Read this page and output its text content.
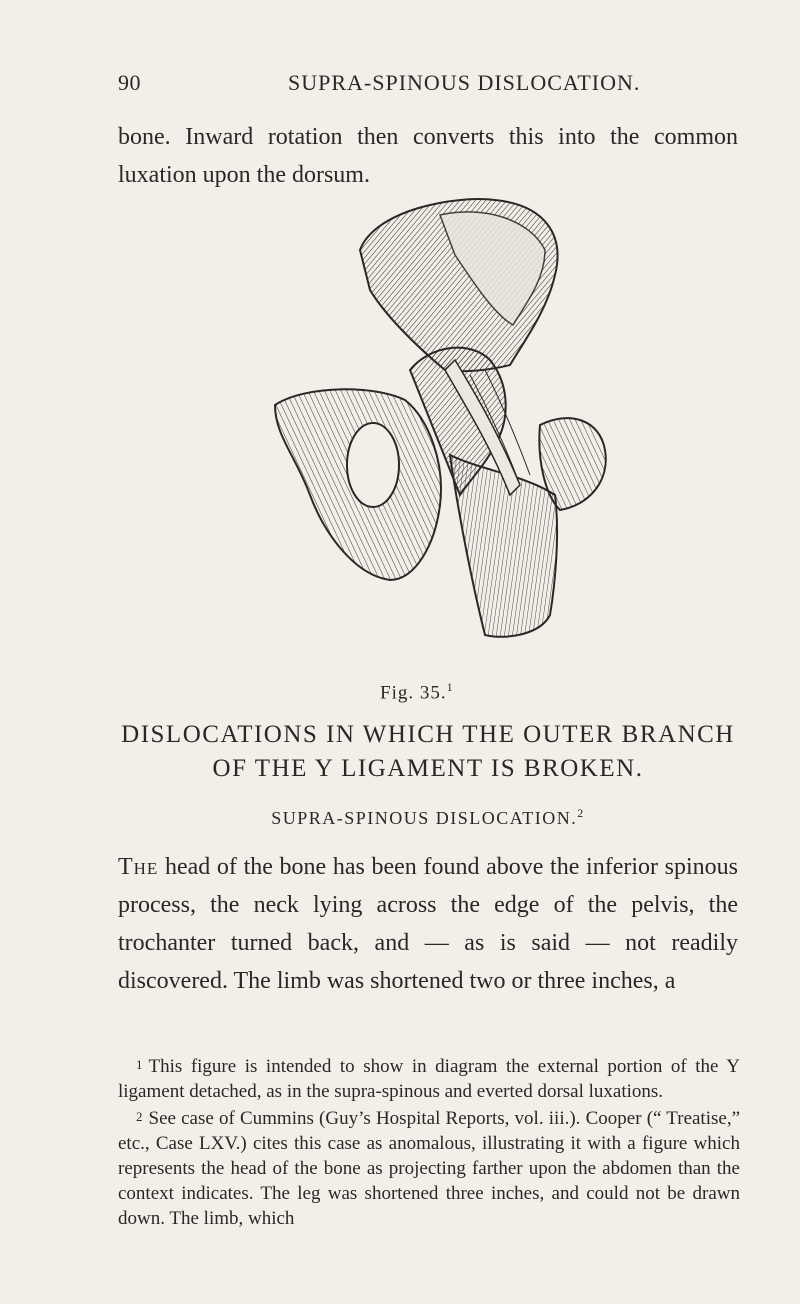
90	SUPRA-SPINOUS DISLOCATION.
bone. Inward rotation then converts this into the common luxation upon the dorsum.
Fig. 35.$^1$
DISLOCATIONS IN WHICH THE OUTER BRANCH
OF THE Y LIGAMENT IS BROKEN.
SUPRA-SPINOUS DISLOCATION.$^2$
The head of the bone has been found above the inferior spinous process, the neck lying across the edge of the pelvis, the trochanter turned back, and — as is said — not readily discovered. The limb was shortened two or three inches, a

1 This figure is intended to show in diagram the external portion of the Y ligament detached, as in the supra-spinous and everted dorsal luxations.

2 See case of Cummins (Guy’s Hospital Reports, vol. iii.). Cooper (“ Treatise,” etc., Case LXV.) cites this case as anomalous, illustrating it with a figure which represents the head of the bone as projecting farther upon the abdomen than the context indicates. The leg was shortened three inches, and could not be drawn down. The limb, which
